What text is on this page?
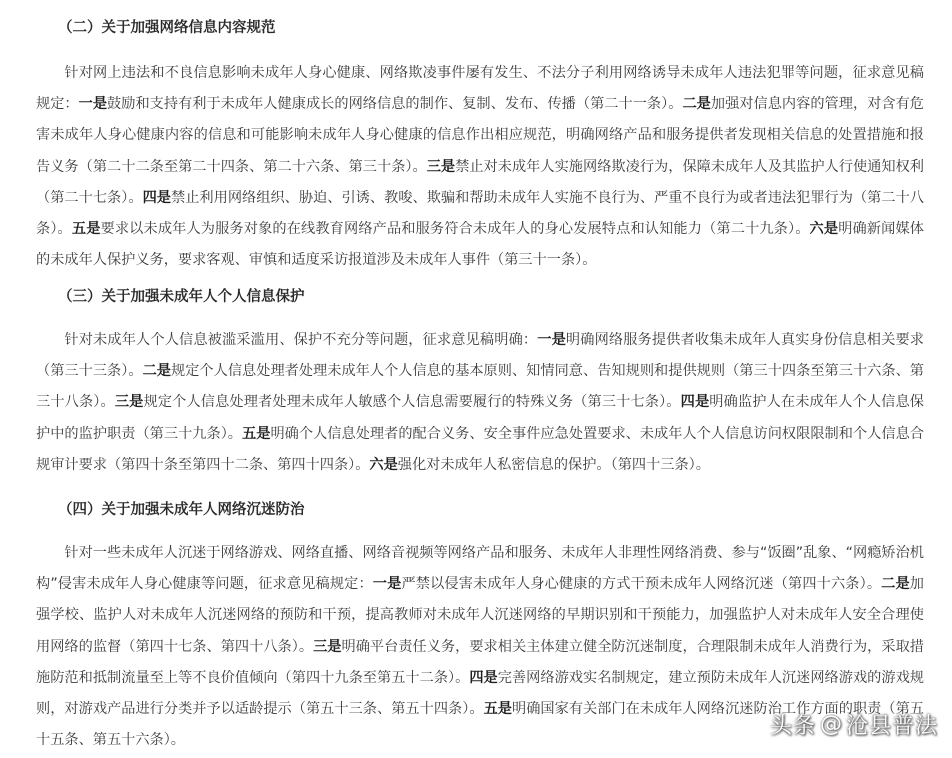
（二）关于加强网络信息内容规范

针对网上违法和不良信息影响未成年人身心健康、网络欺凌事件屡有发生、不法分子利用网络诱导未成年人违法犯罪等问题，征求意见稿规定：一是鼓励和支持有利于未成年人健康成长的网络信息的制作、复制、发布、传播（第二十一条）。二是加强对信息内容的管理，对含有危害未成年人身心健康内容的信息和可能影响未成年人身心健康的信息作出相应规范，明确网络产品和服务提供者发现相关信息的处置措施和报告义务（第二十二条至第二十四条、第二十六条、第三十条）。三是禁止对未成年人实施网络欺凌行为，保障未成年人及其监护人行使通知权利（第二十七条）。四是禁止利用网络组织、胁迫、引诱、教唆、欺骗和帮助未成年人实施不良行为、严重不良行为或者违法犯罪行为（第二十八条）。五是要求以未成年人为服务对象的在线教育网络产品和服务符合未成年人的身心发展特点和认知能力（第二十九条）。六是明确新闻媒体的未成年人保护义务，要求客观、审慎和适度采访报道涉及未成年人事件（第三十一条）。

（三）关于加强未成年人个人信息保护

针对未成年人个人信息被滥采滥用、保护不充分等问题，征求意见稿明确：一是明确网络服务提供者收集未成年人真实身份信息相关要求（第三十三条）。二是规定个人信息处理者处理未成年人个人信息的基本原则、知情同意、告知规则和提供规则（第三十四条至第三十六条、第三十八条）。三是规定个人信息处理者处理未成年人敏感个人信息需要履行的特殊义务（第三十七条）。四是明确监护人在未成年人个人信息保护中的监护职责（第三十九条）。五是明确个人信息处理者的配合义务、安全事件应急处置要求、未成年人个人信息访问权限限制和个人信息合规审计要求（第四十条至第四十二条、第四十四条）。六是强化对未成年人私密信息的保护。（第四十三条）。

（四）关于加强未成年人网络沉迷防治

针对一些未成年人沉迷于网络游戏、网络直播、网络音视频等网络产品和服务、未成年人非理性网络消费、参与“饭圈”乱象、“网瘾矫治机构”侵害未成年人身心健康等问题，征求意见稿规定：一是严禁以侵害未成年人身心健康的方式干预未成年人网络沉迷（第四十六条）。二是加强学校、监护人对未成年人沉迷网络的预防和干预，提高教师对未成年人沉迷网络的早期识别和干预能力，加强监护人对未成年人安全合理使用网络的监督（第四十七条、第四十八条）。三是明确平台责任义务，要求相关主体建立健全防沉迷制度，合理限制未成年人消费行为，采取措施防范和抵制流量至上等不良价值倾向（第四十九条至第五十二条）。四是完善网络游戏实名制规定，建立预防未成年人沉迷网络游戏的游戏规则，对游戏产品进行分类并予以适龄提示（第五十三条、第五十四条）。五是明确国家有关部门在未成年人网络沉迷防治工作方面的职责（第五十五条、第五十六条）。

头条 @ 沧县普法
